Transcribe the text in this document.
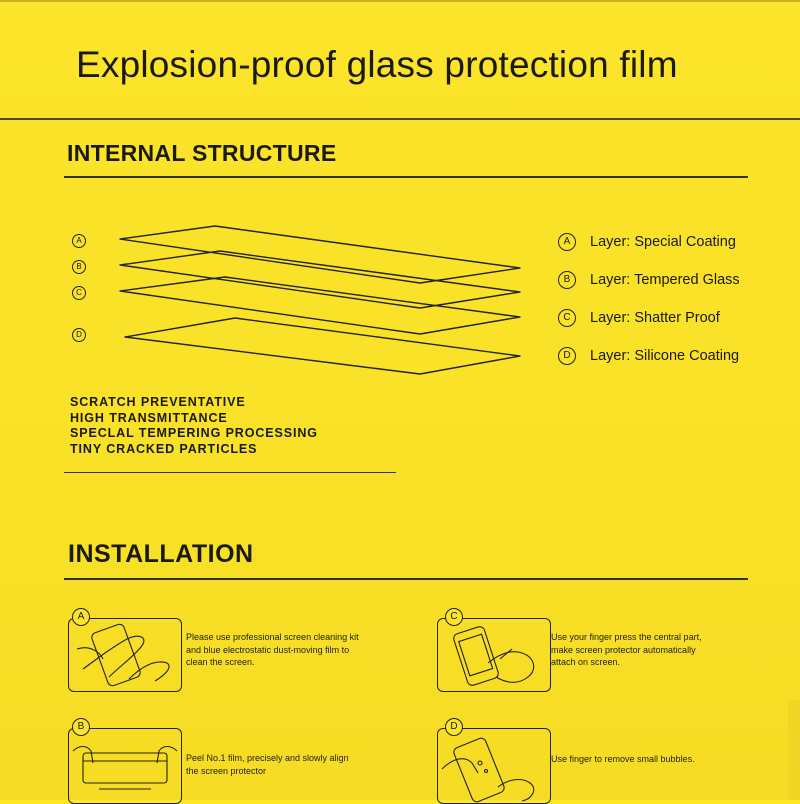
Explosion-proof glass protection film
INTERNAL STRUCTURE
A
B
C
D
A Layer: Special Coating
B Layer: Tempered Glass
C Layer: Shatter Proof
D Layer: Silicone Coating
SCRATCH PREVENTATIVE
HIGH TRANSMITTANCE
SPECLAL TEMPERING PROCESSING
TINY CRACKED PARTICLES
INSTALLATION
A
Please use professional screen cleaning kit
and blue electrostatic dust-moving film to
clean the screen.
C
Use your finger press the central part,
make screen protector automatically
attach on screen.
B
Peel No.1 film, precisely and slowly align
the screen protector
D
Use finger to remove small bubbles.
